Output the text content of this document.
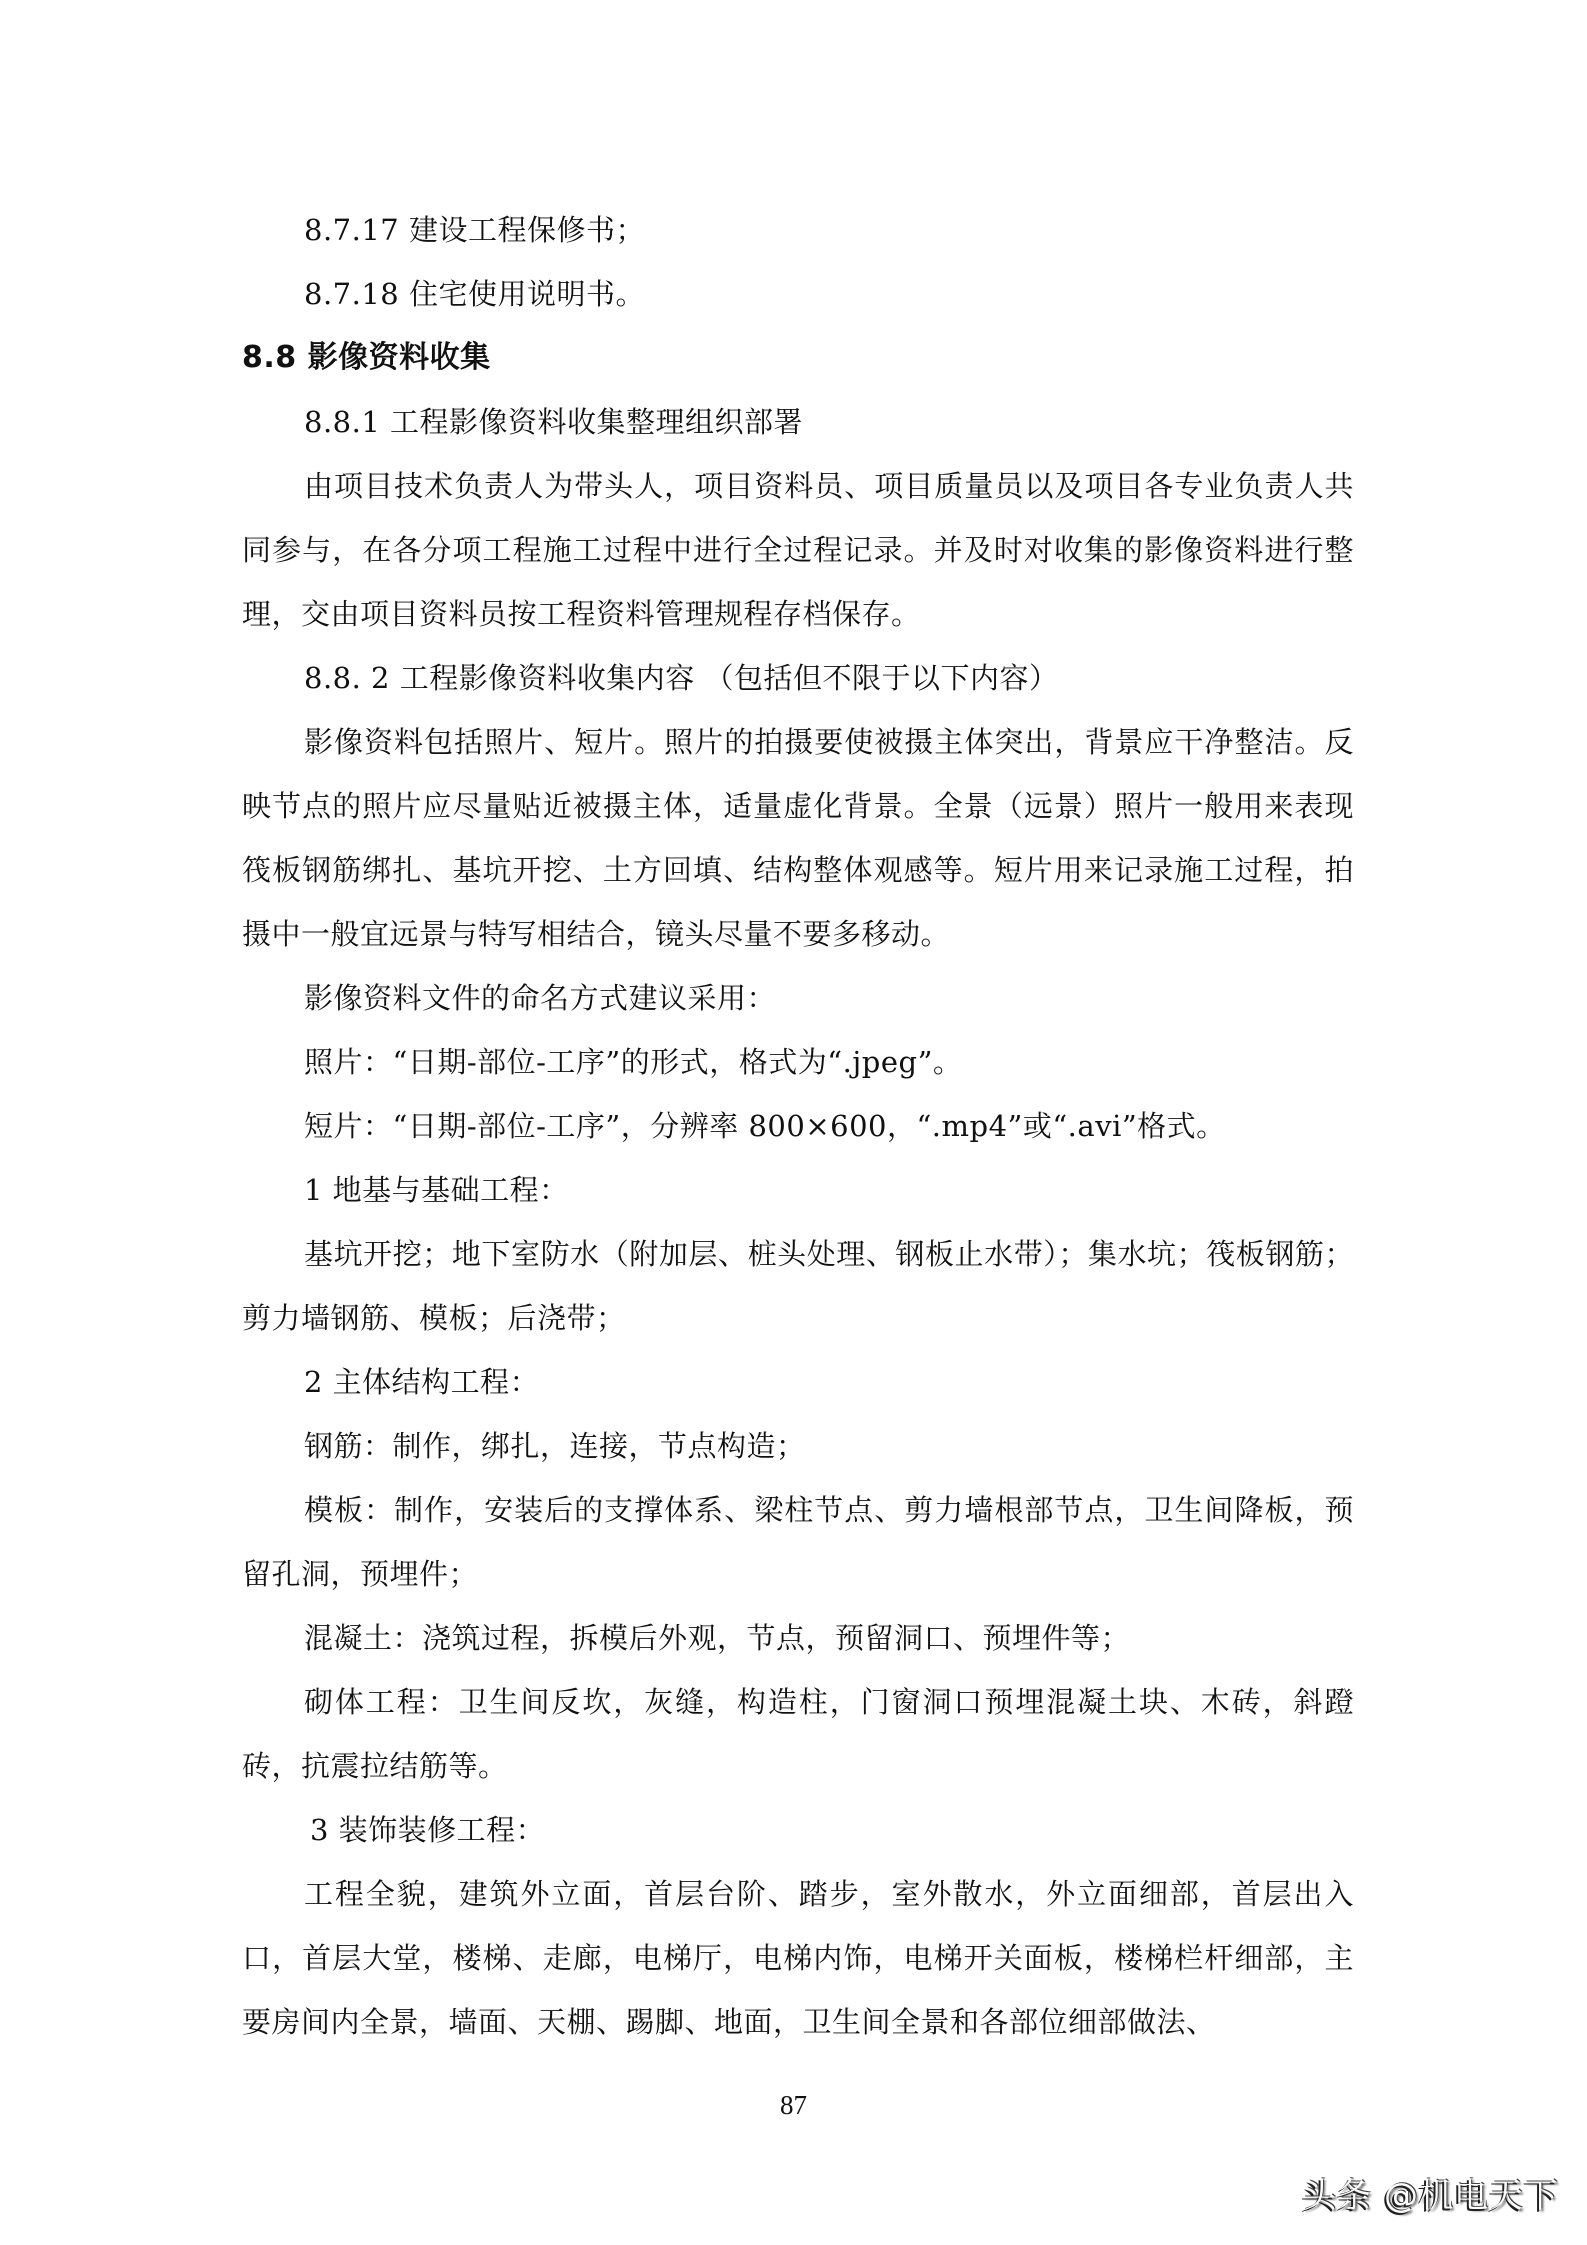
8.7.17 建设工程保修书；

8.7.18 住宅使用说明书。

8.8 影像资料收集

8.8.1 工程影像资料收集整理组织部署

由项目技术负责人为带头人，项目资料员、项目质量员以及项目各专业负责人共同参与，在各分项工程施工过程中进行全过程记录。并及时对收集的影像资料进行整理，交由项目资料员按工程资料管理规程存档保存。

8.8. 2 工程影像资料收集内容 （包括但不限于以下内容）

影像资料包括照片、短片。照片的拍摄要使被摄主体突出，背景应干净整洁。反映节点的照片应尽量贴近被摄主体，适量虚化背景。全景（远景）照片一般用来表现筏板钢筋绑扎、基坑开挖、土方回填、结构整体观感等。短片用来记录施工过程，拍摄中一般宜远景与特写相结合，镜头尽量不要多移动。

影像资料文件的命名方式建议采用：

照片：“日期-部位-工序”的形式，格式为“.jpeg”。

短片：“日期-部位-工序”，分辨率 800×600，“.mp4”或“.avi”格式。

1 地基与基础工程：

基坑开挖；地下室防水（附加层、桩头处理、钢板止水带）；集水坑；筏板钢筋；剪力墙钢筋、模板；后浇带；

2 主体结构工程：

钢筋：制作，绑扎，连接，节点构造；

模板：制作，安装后的支撑体系、梁柱节点、剪力墙根部节点，卫生间降板，预留孔洞，预埋件；

混凝土：浇筑过程，拆模后外观，节点，预留洞口、预埋件等；

砌体工程：卫生间反坎，灰缝，构造柱，门窗洞口预埋混凝土块、木砖，斜蹬砖，抗震拉结筋等。

3 装饰装修工程：

工程全貌，建筑外立面，首层台阶、踏步，室外散水，外立面细部，首层出入口，首层大堂，楼梯、走廊，电梯厅，电梯内饰，电梯开关面板，楼梯栏杆细部，主要房间内全景，墙面、天棚、踢脚、地面，卫生间全景和各部位细部做法、

87
头条 @机电天下
